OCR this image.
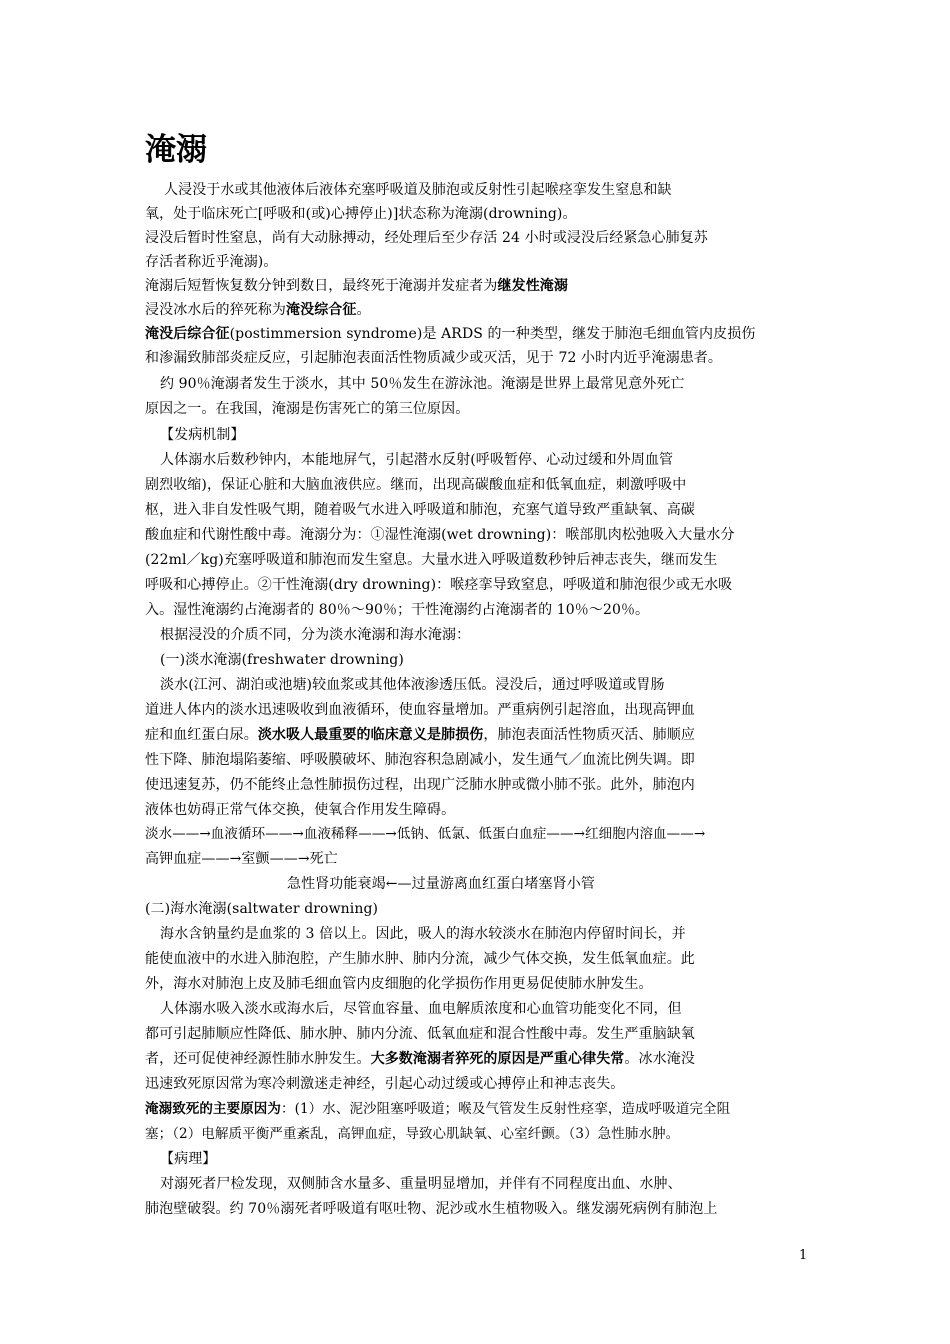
淹溺
人浸没于水或其他液体后液体充塞呼吸道及肺泡或反射性引起喉痉挛发生窒息和缺
氧，处于临床死亡[呼吸和(或)心搏停止)]状态称为淹溺(drowning)。
浸没后暂时性窒息，尚有大动脉搏动，经处理后至少存活 24 小时或浸没后经紧急心肺复苏
存活者称近乎淹溺)。
淹溺后短暂恢复数分钟到数日，最终死于淹溺并发症者为继发性淹溺
浸没冰水后的猝死称为淹没综合征。
淹没后综合征(postimmersion syndrome)是 ARDS 的一种类型，继发于肺泡毛细血管内皮损伤
和渗漏致肺部炎症反应，引起肺泡表面活性物质减少或灭活，见于 72 小时内近乎淹溺患者。
约 90％淹溺者发生于淡水，其中 50％发生在游泳池。淹溺是世界上最常见意外死亡
原因之一。在我国，淹溺是伤害死亡的第三位原因。
【发病机制】
人体溺水后数秒钟内，本能地屏气，引起潜水反射(呼吸暂停、心动过缓和外周血管
剧烈收缩)，保证心脏和大脑血液供应。继而，出现高碳酸血症和低氧血症，刺激呼吸中
枢，进入非自发性吸气期，随着吸气水进入呼吸道和肺泡，充塞气道导致严重缺氧、高碳
酸血症和代谢性酸中毒。淹溺分为：①湿性淹溺(wet drowning)：喉部肌肉松弛吸入大量水分
(22ml／kg)充塞呼吸道和肺泡而发生窒息。大量水进入呼吸道数秒钟后神志丧失，继而发生
呼吸和心搏停止。②干性淹溺(dry drowning)：喉痉挛导致窒息，呼吸道和肺泡很少或无水吸
入。湿性淹溺约占淹溺者的 80％～90％；干性淹溺约占淹溺者的 10％～20％。
根据浸没的介质不同，分为淡水淹溺和海水淹溺：
(一)淡水淹溺(freshwater drowning)
淡水(江河、湖泊或池塘)较血浆或其他体液渗透压低。浸没后，通过呼吸道或胃肠
道进人体内的淡水迅速吸收到血液循环，使血容量增加。严重病例引起溶血，出现高钾血
症和血红蛋白尿。淡水吸人最重要的临床意义是肺损伤，肺泡表面活性物质灭活、肺顺应
性下降、肺泡塌陷萎缩、呼吸膜破坏、肺泡容积急剧减小，发生通气／血流比例失调。即
使迅速复苏，仍不能终止急性肺损伤过程，出现广泛肺水肿或微小肺不张。此外，肺泡内
液体也妨碍正常气体交换，使氧合作用发生障碍。
淡水——→血液循环——→血液稀释——→低钠、低氯、低蛋白血症——→红细胞内溶血——→
高钾血症——→室颤——→死亡
急性肾功能衰竭←—过量游离血红蛋白堵塞肾小管
(二)海水淹溺(saltwater drowning)
海水含钠量约是血浆的 3 倍以上。因此，吸人的海水较淡水在肺泡内停留时间长，并
能使血液中的水进入肺泡腔，产生肺水肿、肺内分流，减少气体交换，发生低氧血症。此
外，海水对肺泡上皮及肺毛细血管内皮细胞的化学损伤作用更易促使肺水肿发生。
人体溺水吸入淡水或海水后，尽管血容量、血电解质浓度和心血管功能变化不同，但
都可引起肺顺应性降低、肺水肿、肺内分流、低氧血症和混合性酸中毒。发生严重脑缺氧
者，还可促使神经源性肺水肿发生。大多数淹溺者猝死的原因是严重心律失常。冰水淹没
迅速致死原因常为寒冷刺激迷走神经，引起心动过缓或心搏停止和神志丧失。
淹溺致死的主要原因为：(1）水、泥沙阻塞呼吸道；喉及气管发生反射性痉挛，造成呼吸道完全阻
塞；（2）电解质平衡严重紊乱，高钾血症，导致心肌缺氧、心室纤颤。（3）急性肺水肿。
【病理】
对溺死者尸检发现，双侧肺含水量多、重量明显增加，并伴有不同程度出血、水肿、
肺泡壁破裂。约 70％溺死者呼吸道有呕吐物、泥沙或水生植物吸入。继发溺死病例有肺泡上
1
